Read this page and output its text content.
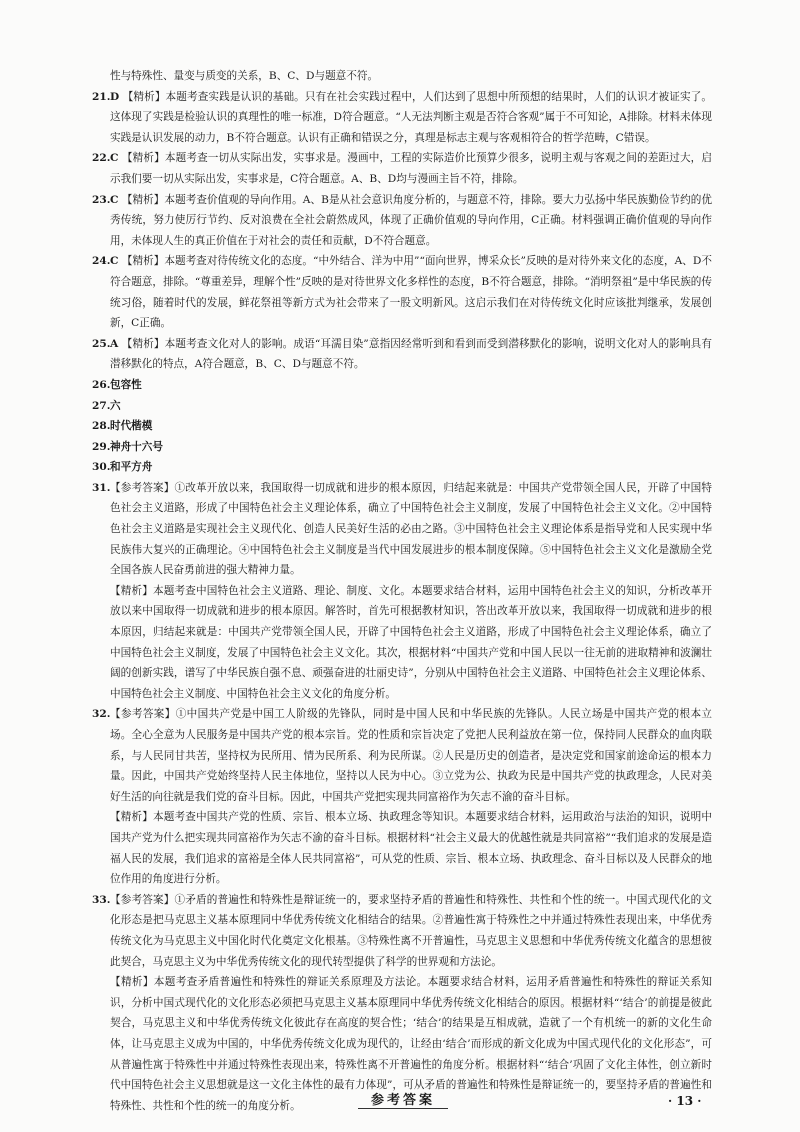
性与特殊性、量变与质变的关系，B、C、D与题意不符。
21. D 【精析】本题考查实践是认识的基础。只有在社会实践过程中，人们达到了思想中所预想的结果时，人们的认识才被证实了。这体现了实践是检验认识的真理性的唯一标准，D符合题意。“人无法判断主观是否符合客观”属于不可知论，A排除。材料未体现实践是认识发展的动力，B不符合题意。认识有正确和错误之分，真理是标志主观与客观相符合的哲学范畴，C错误。
22. C 【精析】本题考查一切从实际出发，实事求是。漫画中，工程的实际造价比预算少很多，说明主观与客观之间的差距过大，启示我们要一切从实际出发，实事求是，C符合题意。A、B、D均与漫画主旨不符，排除。
23. C 【精析】本题考查价值观的导向作用。A、B是从社会意识角度分析的，与题意不符，排除。要大力弘扬中华民族勤俭节约的优秀传统，努力使厉行节约、反对浪费在全社会蔚然成风，体现了正确价值观的导向作用，C正确。材料强调正确价值观的导向作用，未体现人生的真正价值在于对社会的责任和贡献，D不符合题意。
24. C 【精析】本题考查对待传统文化的态度。“中外结合、洋为中用”“面向世界，博采众长”反映的是对待外来文化的态度，A、D不符合题意，排除。“尊重差异，理解个性”反映的是对待世界文化多样性的态度，B不符合题意，排除。“消明祭祖”是中华民族的传统习俗，随着时代的发展，鲜花祭祖等新方式为社会带来了一股文明新风。这启示我们在对待传统文化时应该批判继承，发展创新，C正确。
25. A 【精析】本题考查文化对人的影响。成语“耳濡目染”意指因经常听到和看到而受到潜移默化的影响，说明文化对人的影响具有潜移默化的特点，A符合题意，B、C、D与题意不符。
26. 包容性
27. 六
28. 时代楷模
29. 神舟十六号
30. 和平方舟
31. 【参考答案】①改革开放以来，我国取得一切成就和进步的根本原因，归结起来就是：中国共产党带领全国人民，开辟了中国特色社会主义道路，形成了中国特色社会主义理论体系，确立了中国特色社会主义制度，发展了中国特色社会主义文化。②中国特色社会主义道路是实现社会主义现代化、创造人民美好生活的必由之路。③中国特色社会主义理论体系是指导党和人民实现中华民族伟大复兴的正确理论。④中国特色社会主义制度是当代中国发展进步的根本制度保障。⑤中国特色社会主义文化是激励全党全国各族人民奋勇前进的强大精神力量。
【精析】本题考查中国特色社会主义道路、理论、制度、文化。本题要求结合材料，运用中国特色社会主义的知识，分析改革开放以来中国取得一切成就和进步的根本原因。解答时，首先可根据教材知识，答出改革开放以来，我国取得一切成就和进步的根本原因，归结起来就是：中国共产党带领全国人民，开辟了中国特色社会主义道路，形成了中国特色社会主义理论体系，确立了中国特色社会主义制度，发展了中国特色社会主义文化。其次，根据材料“中国共产党和中国人民以一往无前的进取精神和波澜壮阔的创新实践，谱写了中华民族自强不息、顽强奋进的壮丽史诗”，分别从中国特色社会主义道路、中国特色社会主义理论体系、中国特色社会主义制度、中国特色社会主义文化的角度分析。
32. 【参考答案】①中国共产党是中国工人阶级的先锋队，同时是中国人民和中华民族的先锋队。人民立场是中国共产党的根本立场。全心全意为人民服务是中国共产党的根本宗旨。党的性质和宗旨决定了党把人民利益放在第一位，保持同人民群众的血肉联系，与人民同甘共苦，坚持权为民所用、情为民所系、利为民所谋。②人民是历史的创造者，是决定党和国家前途命运的根本力量。因此，中国共产党始终坚持人民主体地位，坚持以人民为中心。③立党为公、执政为民是中国共产党的执政理念，人民对美好生活的向往就是我们党的奋斗目标。因此，中国共产党把实现共同富裕作为矢志不渝的奋斗目标。
【精析】本题考查中国共产党的性质、宗旨、根本立场、执政理念等知识。本题要求结合材料，运用政治与法治的知识，说明中国共产党为什么把实现共同富裕作为矢志不渝的奋斗目标。根据材料“社会主义最大的优越性就是共同富裕”“我们追求的发展是造福人民的发展，我们追求的富裕是全体人民共同富裕”，可从党的性质、宗旨、根本立场、执政理念、奋斗目标以及人民群众的地位作用的角度进行分析。
33. 【参考答案】①矛盾的普遍性和特殊性是辩证统一的，要求坚持矛盾的普遍性和特殊性、共性和个性的统一。中国式现代化的文化形态是把马克思主义基本原理同中华优秀传统文化相结合的结果。②普遍性寓于特殊性之中并通过特殊性表现出来，中华优秀传统文化为马克思主义中国化时代化奠定文化根基。③特殊性离不开普遍性，马克思主义思想和中华优秀传统文化蕴含的思想彼此契合，马克思主义为中华优秀传统文化的现代转型提供了科学的世界观和方法论。
【精析】本题考查矛盾普遍性和特殊性的辩证关系原理及方法论。本题要求结合材料，运用矛盾普遍性和特殊性的辩证关系知识，分析中国式现代化的文化形态必须把马克思主义基本原理同中华优秀传统文化相结合的原因。根据材料“‘结合’的前提是彼此契合，马克思主义和中华优秀传统文化彼此存在高度的契合性；‘结合’的结果是互相成就，造就了一个有机统一的新的文化生命体，让马克思主义成为中国的，中华优秀传统文化成为现代的，让经由‘结合’而形成的新文化成为中国式现代化的文化形态”，可从普遍性寓于特殊性中并通过特殊性表现出来，特殊性离不开普遍性的角度分析。根据材料“‘结合’巩固了文化主体性，创立新时代中国特色社会主义思想就是这一文化主体性的最有力体现”，可从矛盾的普遍性和特殊性是辩证统一的，要坚持矛盾的普遍性和特殊性、共性和个性的统一的角度分析。	参考答案	· 13 ·
